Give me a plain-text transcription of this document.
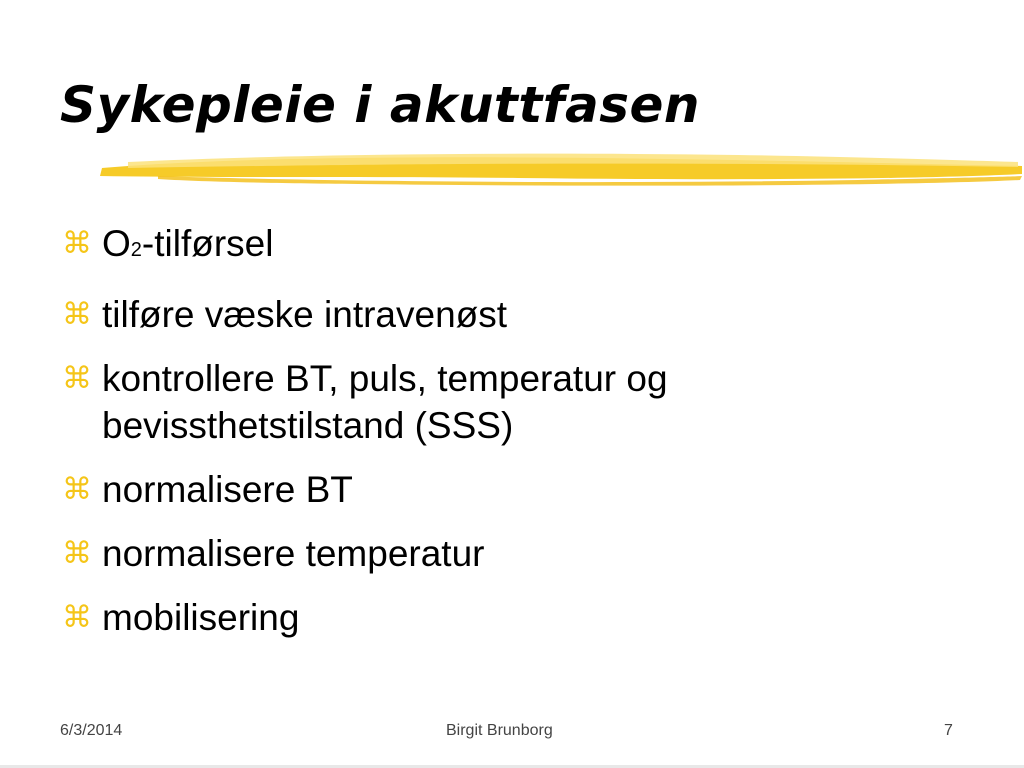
Sykepleie i akuttfasen
⌘ O2-tilførsel
⌘ tilføre væske intravenøst
⌘ kontrollere BT, puls, temperatur og bevissthetstilstand (SSS)
⌘ normalisere BT
⌘ normalisere temperatur
⌘ mobilisering
6/3/2014	Birgit Brunborg	7
